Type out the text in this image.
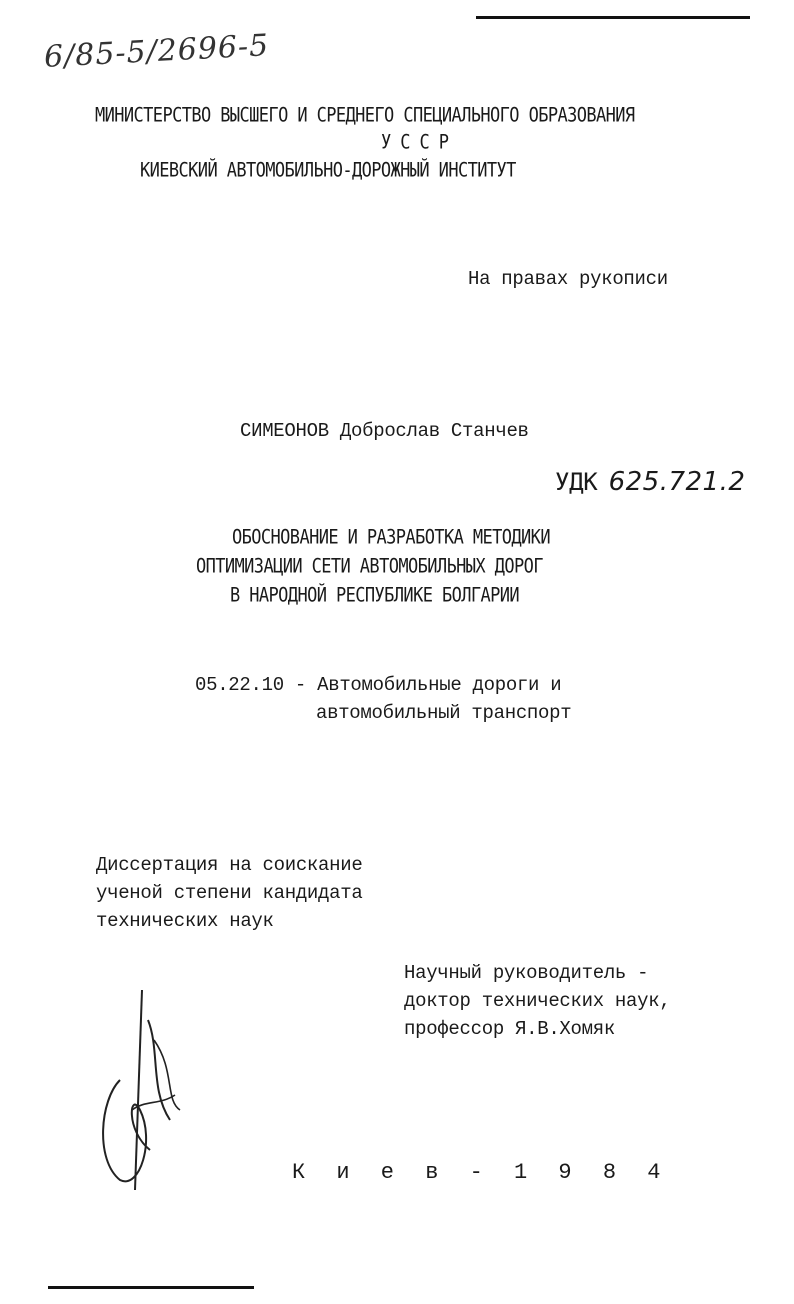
6/85-5/2696-5
МИНИСТЕРСТВО ВЫСШЕГО И СРЕДНЕГО СПЕЦИАЛЬНОГО ОБРАЗОВАНИЯ
У С С Р
КИЕВСКИЙ АВТОМОБИЛЬНО-ДОРОЖНЫЙ ИНСТИТУТ
На правах рукописи
СИМЕОНОВ Доброслав Станчев
УДК 625.721.2
ОБОСНОВАНИЕ И РАЗРАБОТКА МЕТОДИКИ
ОПТИМИЗАЦИИ СЕТИ АВТОМОБИЛЬНЫХ ДОРОГ
В НАРОДНОЙ РЕСПУБЛИКЕ БОЛГАРИИ
05.22.10 - Автомобильные дороги и
автомобильный транспорт
Диссертация на соискание
ученой степени кандидата
технических наук
Научный руководитель -
доктор технических наук,
профессор Я.В.Хомяк
К и е в - 1 9 8 4
